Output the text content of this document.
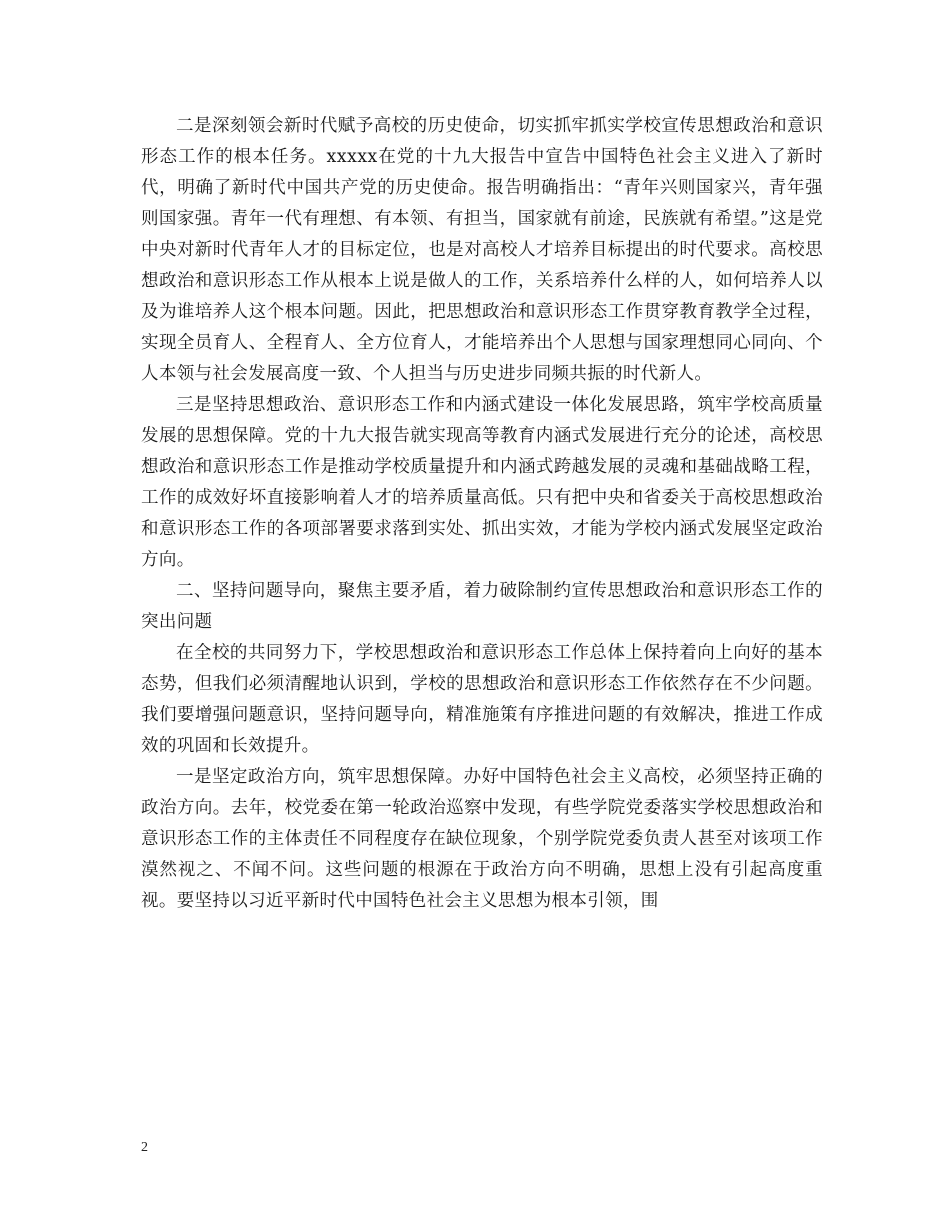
二是深刻领会新时代赋予高校的历史使命，切实抓牢抓实学校宣传思想政治和意识形态工作的根本任务。xxxxx在党的十九大报告中宣告中国特色社会主义进入了新时代，明确了新时代中国共产党的历史使命。报告明确指出：“青年兴则国家兴，青年强则国家强。青年一代有理想、有本领、有担当，国家就有前途，民族就有希望。”这是党中央对新时代青年人才的目标定位，也是对高校人才培养目标提出的时代要求。高校思想政治和意识形态工作从根本上说是做人的工作，关系培养什么样的人，如何培养人以及为谁培养人这个根本问题。因此，把思想政治和意识形态工作贯穿教育教学全过程，实现全员育人、全程育人、全方位育人，才能培养出个人思想与国家理想同心同向、个人本领与社会发展高度一致、个人担当与历史进步同频共振的时代新人。

三是坚持思想政治、意识形态工作和内涵式建设一体化发展思路，筑牢学校高质量发展的思想保障。党的十九大报告就实现高等教育内涵式发展进行充分的论述，高校思想政治和意识形态工作是推动学校质量提升和内涵式跨越发展的灵魂和基础战略工程，工作的成效好坏直接影响着人才的培养质量高低。只有把中央和省委关于高校思想政治和意识形态工作的各项部署要求落到实处、抓出实效，才能为学校内涵式发展坚定政治方向。

二、坚持问题导向，聚焦主要矛盾，着力破除制约宣传思想政治和意识形态工作的突出问题

在全校的共同努力下，学校思想政治和意识形态工作总体上保持着向上向好的基本态势，但我们必须清醒地认识到，学校的思想政治和意识形态工作依然存在不少问题。我们要增强问题意识，坚持问题导向，精准施策有序推进问题的有效解决，推进工作成效的巩固和长效提升。

一是坚定政治方向，筑牢思想保障。办好中国特色社会主义高校，必须坚持正确的政治方向。去年，校党委在第一轮政治巡察中发现，有些学院党委落实学校思想政治和意识形态工作的主体责任不同程度存在缺位现象，个别学院党委负责人甚至对该项工作漠然视之、不闻不问。这些问题的根源在于政治方向不明确，思想上没有引起高度重视。要坚持以习近平新时代中国特色社会主义思想为根本引领，围

2
